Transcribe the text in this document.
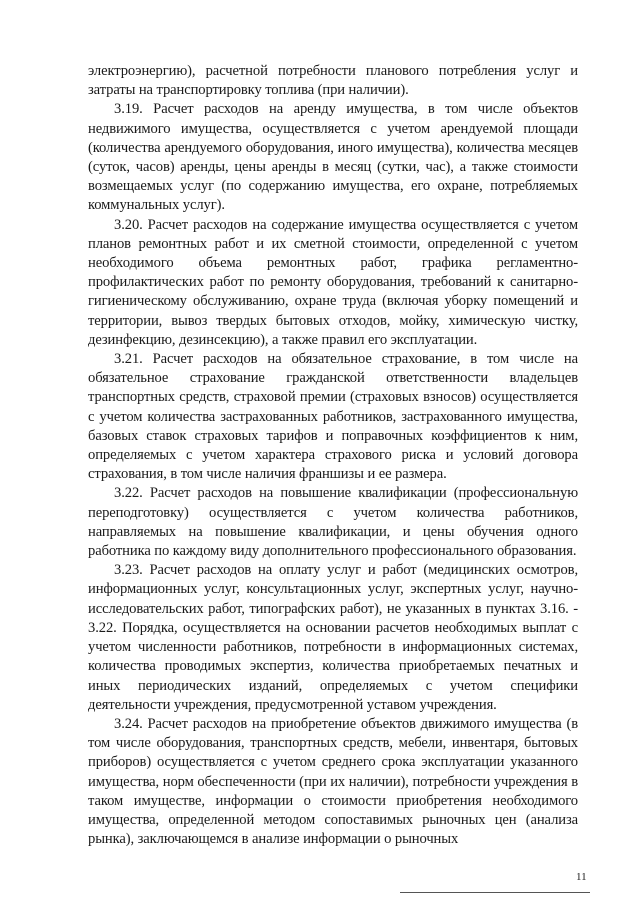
электроэнергию), расчетной потребности планового потребления услуг и затраты на транспортировку топлива (при наличии).

3.19. Расчет расходов на аренду имущества, в том числе объектов недвижимого имущества, осуществляется с учетом арендуемой площади (количества арендуемого оборудования, иного имущества), количества месяцев (суток, часов) аренды, цены аренды в месяц (сутки, час), а также стоимости возмещаемых услуг (по содержанию имущества, его охране, потребляемых коммунальных услуг).

3.20. Расчет расходов на содержание имущества осуществляется с учетом планов ремонтных работ и их сметной стоимости, определенной с учетом необходимого объема ремонтных работ, графика регламентно-профилактических работ по ремонту оборудования, требований к санитарно-гигиеническому обслуживанию, охране труда (включая уборку помещений и территории, вывоз твердых бытовых отходов, мойку, химическую чистку, дезинфекцию, дезинсекцию), а также правил его эксплуатации.

3.21. Расчет расходов на обязательное страхование, в том числе на обязательное страхование гражданской ответственности владельцев транспортных средств, страховой премии (страховых взносов) осуществляется с учетом количества застрахованных работников, застрахованного имущества, базовых ставок страховых тарифов и поправочных коэффициентов к ним, определяемых с учетом характера страхового риска и условий договора страхования, в том числе наличия франшизы и ее размера.

3.22. Расчет расходов на повышение квалификации (профессиональную переподготовку) осуществляется с учетом количества работников, направляемых на повышение квалификации, и цены обучения одного работника по каждому виду дополнительного профессионального образования.

3.23. Расчет расходов на оплату услуг и работ (медицинских осмотров, информационных услуг, консультационных услуг, экспертных услуг, научно-исследовательских работ, типографских работ), не указанных в пунктах 3.16. - 3.22. Порядка, осуществляется на основании расчетов необходимых выплат с учетом численности работников, потребности в информационных системах, количества проводимых экспертиз, количества приобретаемых печатных и иных периодических изданий, определяемых с учетом специфики деятельности учреждения, предусмотренной уставом учреждения.

3.24. Расчет расходов на приобретение объектов движимого имущества (в том числе оборудования, транспортных средств, мебели, инвентаря, бытовых приборов) осуществляется с учетом среднего срока эксплуатации указанного имущества, норм обеспеченности (при их наличии), потребности учреждения в таком имуществе, информации о стоимости приобретения необходимого имущества, определенной методом сопоставимых рыночных цен (анализа рынка), заключающемся в анализе информации о рыночных

11
